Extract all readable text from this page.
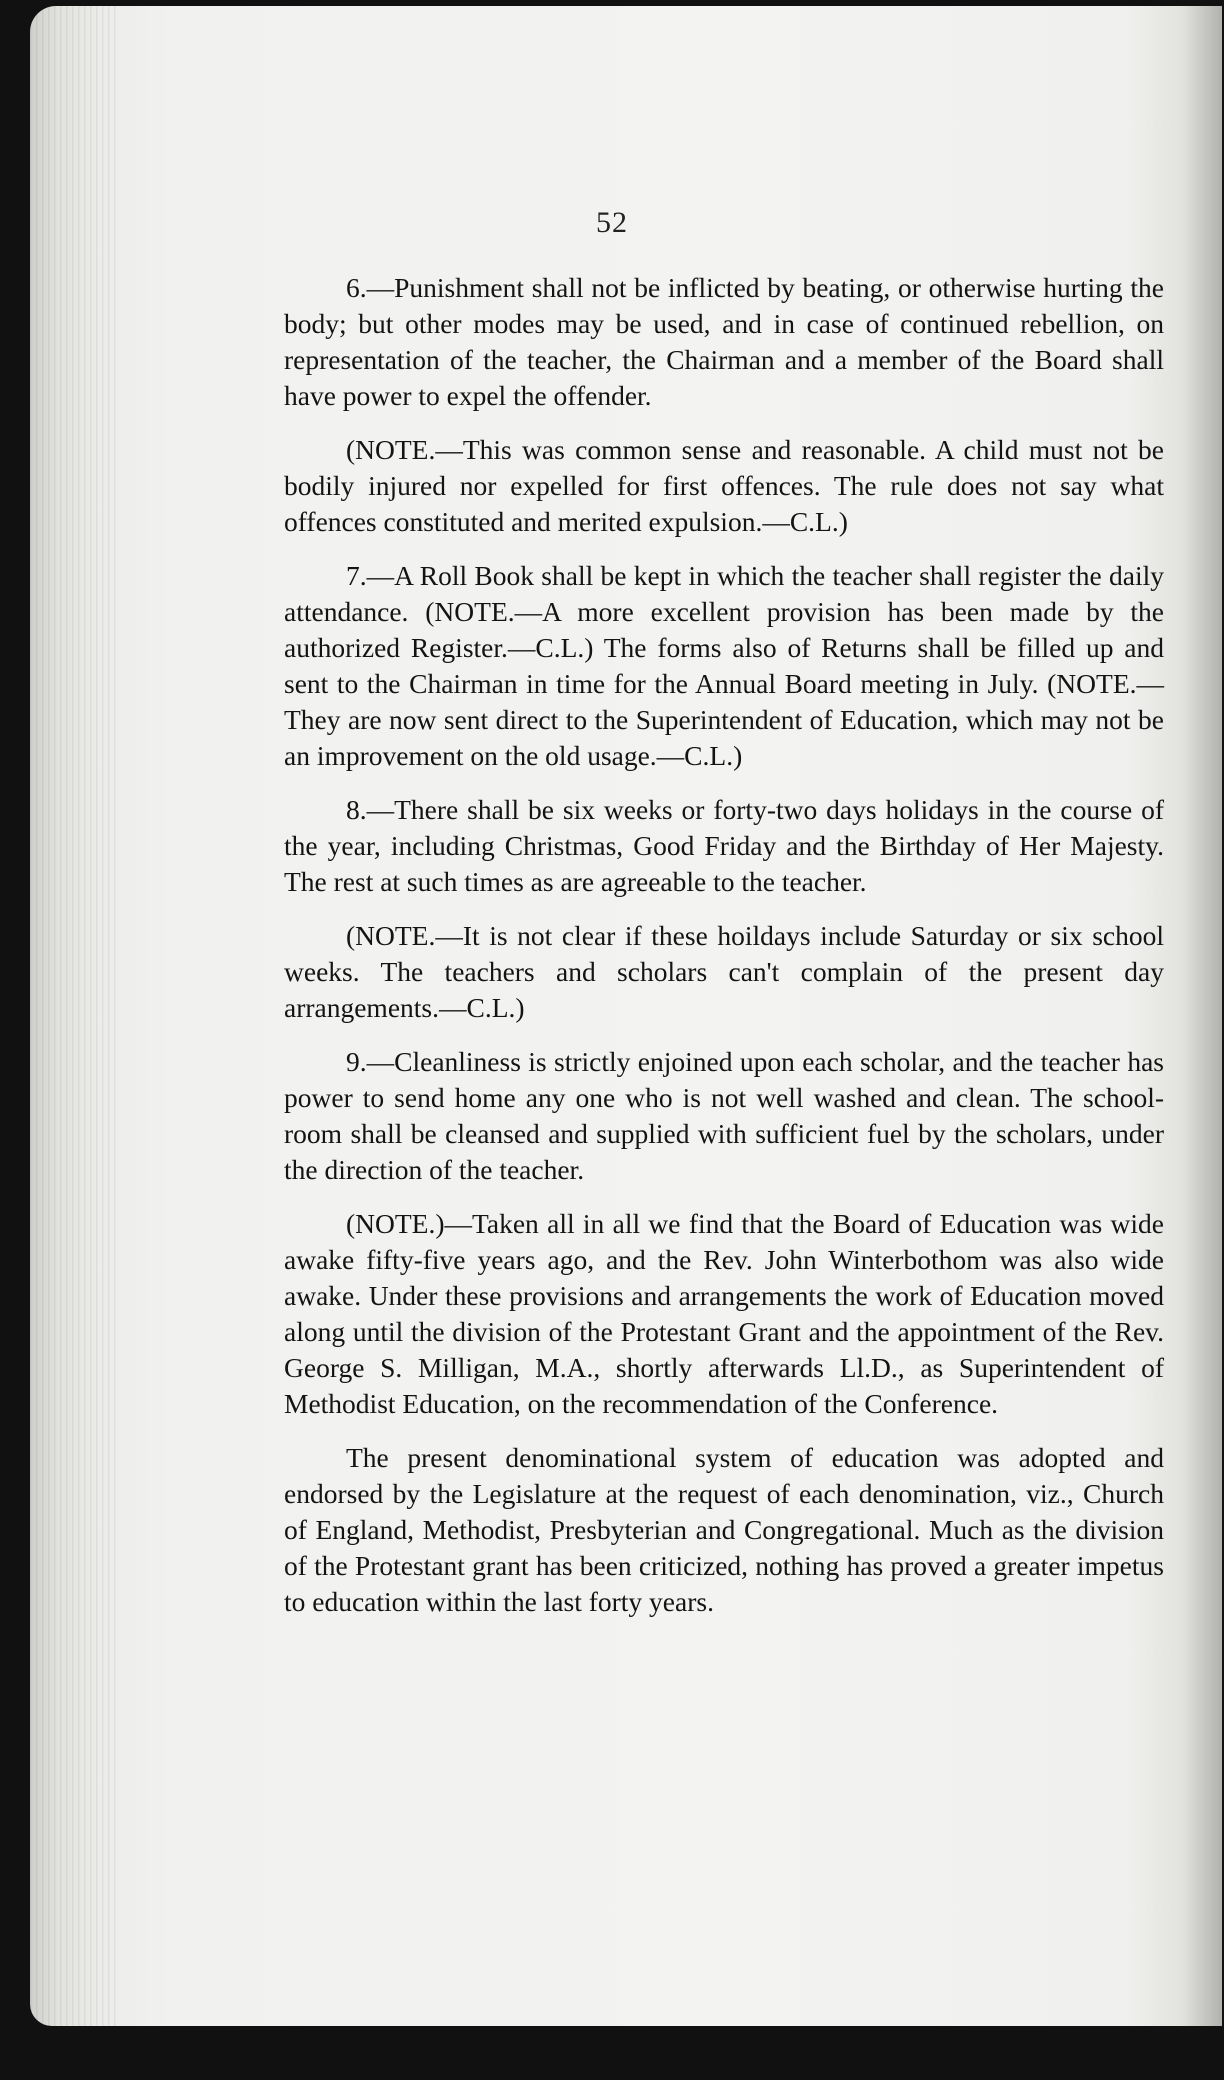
52

6.—Punishment shall not be inflicted by beating, or otherwise hurting the body; but other modes may be used, and in case of continued rebellion, on representation of the teacher, the Chairman and a member of the Board shall have power to expel the offender.

(NOTE.—This was common sense and reasonable. A child must not be bodily injured nor expelled for first offences. The rule does not say what offences constituted and merited expulsion.—C.L.)

7.—A Roll Book shall be kept in which the teacher shall register the daily attendance. (NOTE.—A more excellent provision has been made by the authorized Register.—C.L.) The forms also of Returns shall be filled up and sent to the Chairman in time for the Annual Board meeting in July. (NOTE.—They are now sent direct to the Superintendent of Education, which may not be an improvement on the old usage.—C.L.)

8.—There shall be six weeks or forty-two days holidays in the course of the year, including Christmas, Good Friday and the Birthday of Her Majesty. The rest at such times as are agreeable to the teacher.

(NOTE.—It is not clear if these hoildays include Saturday or six school weeks. The teachers and scholars can't complain of the present day arrangements.—C.L.)

9.—Cleanliness is strictly enjoined upon each scholar, and the teacher has power to send home any one who is not well washed and clean. The school-room shall be cleansed and supplied with sufficient fuel by the scholars, under the direction of the teacher.

(NOTE.)—Taken all in all we find that the Board of Education was wide awake fifty-five years ago, and the Rev. John Winterbothom was also wide awake. Under these provisions and arrangements the work of Education moved along until the division of the Protestant Grant and the appointment of the Rev. George S. Milligan, M.A., shortly afterwards Ll.D., as Superintendent of Methodist Education, on the recommendation of the Conference.

The present denominational system of education was adopted and endorsed by the Legislature at the request of each denomination, viz., Church of England, Methodist, Presbyterian and Congregational. Much as the division of the Protestant grant has been criticized, nothing has proved a greater impetus to education within the last forty years.
